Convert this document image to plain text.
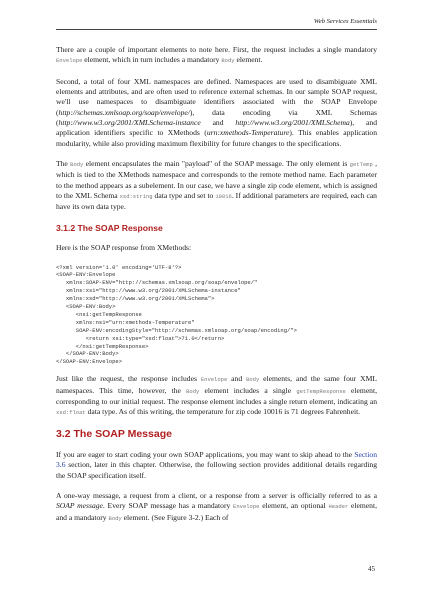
Web Services Essentials

There are a couple of important elements to note here. First, the request includes a single mandatory Envelope element, which in turn includes a mandatory Body element.

Second, a total of four XML namespaces are defined. Namespaces are used to disambiguate XML elements and attributes, and are often used to reference external schemas. In our sample SOAP request, we'll use namespaces to disambiguate identifiers associated with the SOAP Envelope (http://schemas.xmlsoap.org/soap/envelope/), data encoding via XML Schemas (http://www.w3.org/2001/XMLSchema-instance and http://www.w3.org/2001/XMLSchema), and application identifiers specific to XMethods (urn:xmethods-Temperature). This enables application modularity, while also providing maximum flexibility for future changes to the specifications.

The Body element encapsulates the main "payload" of the SOAP message. The only element is getTemp , which is tied to the XMethods namespace and corresponds to the remote method name. Each parameter to the method appears as a subelement. In our case, we have a single zip code element, which is assigned to the XML Schema xsd:string data type and set to 10016. If additional parameters are required, each can have its own data type.

3.1.2 The SOAP Response

Here is the SOAP response from XMethods:

<?xml version='1.0' encoding='UTF-8'?>
<SOAP-ENV:Envelope
xmlns:SOAP-ENV="http://schemas.xmlsoap.org/soap/envelope/"
xmlns:xsi="http://www.w3.org/2001/XMLSchema-instance"
xmlns:xsd="http://www.w3.org/2001/XMLSchema">
<SOAP-ENV:Body>
<ns1:getTempResponse
xmlns:ns1="urn:xmethods-Temperature"
SOAP-ENV:encodingStyle="http://schemas.xmlsoap.org/soap/encoding/">
<return xsi:type="xsd:float">71.0</return>
</ns1:getTempResponse>
</SOAP-ENV:Body>
</SOAP-ENV:Envelope>

Just like the request, the response includes Envelope and Body elements, and the same four XML namespaces. This time, however, the Body element includes a single getTempResponse element, corresponding to our initial request. The response element includes a single return element, indicating an xsd:float data type. As of this writing, the temperature for zip code 10016 is 71 degrees Fahrenheit.

3.2 The SOAP Message

If you are eager to start coding your own SOAP applications, you may want to skip ahead to the Section 3.6 section, later in this chapter. Otherwise, the following section provides additional details regarding the SOAP specification itself.

A one-way message, a request from a client, or a response from a server is officially referred to as a SOAP message. Every SOAP message has a mandatory Envelope element, an optional Header element, and a mandatory Body element. (See Figure 3-2.) Each of

45
